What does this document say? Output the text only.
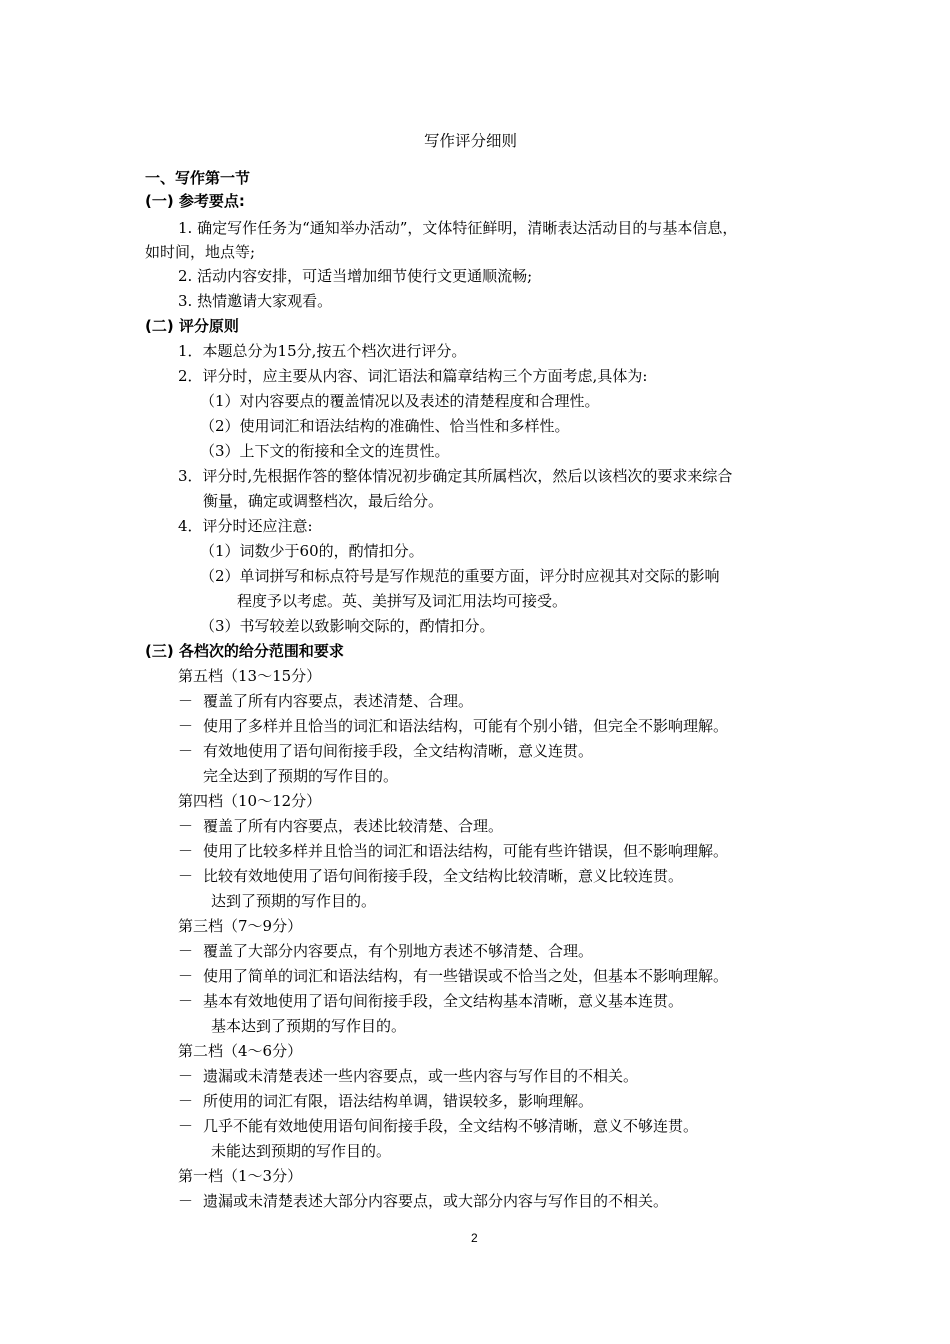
写作评分细则
一、写作第一节
(一) 参考要点:
1. 确定写作任务为“通知举办活动”，文体特征鲜明，清晰表达活动目的与基本信息，
如时间，地点等;
2. 活动内容安排，可适当增加细节使行文更通顺流畅;
3. 热情邀请大家观看。
(二) 评分原则
1．本题总分为15分,按五个档次进行评分。
2．评分时，应主要从内容、词汇语法和篇章结构三个方面考虑,具体为:
（1）对内容要点的覆盖情况以及表述的清楚程度和合理性。
（2）使用词汇和语法结构的准确性、恰当性和多样性。
（3）上下文的衔接和全文的连贯性。
3．评分时,先根据作答的整体情况初步确定其所属档次，然后以该档次的要求来综合
衡量，确定或调整档次，最后给分。
4．评分时还应注意:
（1）词数少于60的，酌情扣分。
（2）单词拼写和标点符号是写作规范的重要方面，评分时应视其对交际的影响
程度予以考虑。英、美拼写及词汇用法均可接受。
（3）书写较差以致影响交际的，酌情扣分。
(三) 各档次的给分范围和要求
第五档（13～15分）
－ 覆盖了所有内容要点，表述清楚、合理。
－ 使用了多样并且恰当的词汇和语法结构，可能有个别小错，但完全不影响理解。
－ 有效地使用了语句间衔接手段，全文结构清晰，意义连贯。
完全达到了预期的写作目的。
第四档（10～12分）
－ 覆盖了所有内容要点，表述比较清楚、合理。
－ 使用了比较多样并且恰当的词汇和语法结构，可能有些许错误，但不影响理解。
－ 比较有效地使用了语句间衔接手段，全文结构比较清晰，意义比较连贯。
达到了预期的写作目的。
第三档（7～9分）
－ 覆盖了大部分内容要点，有个别地方表述不够清楚、合理。
－ 使用了简单的词汇和语法结构，有一些错误或不恰当之处，但基本不影响理解。
－ 基本有效地使用了语句间衔接手段，全文结构基本清晰，意义基本连贯。
基本达到了预期的写作目的。
第二档（4～6分）
－ 遗漏或未清楚表述一些内容要点，或一些内容与写作目的不相关。
－ 所使用的词汇有限，语法结构单调，错误较多，影响理解。
－ 几乎不能有效地使用语句间衔接手段，全文结构不够清晰，意义不够连贯。
未能达到预期的写作目的。
第一档（1～3分）
－ 遗漏或未清楚表述大部分内容要点，或大部分内容与写作目的不相关。
2
